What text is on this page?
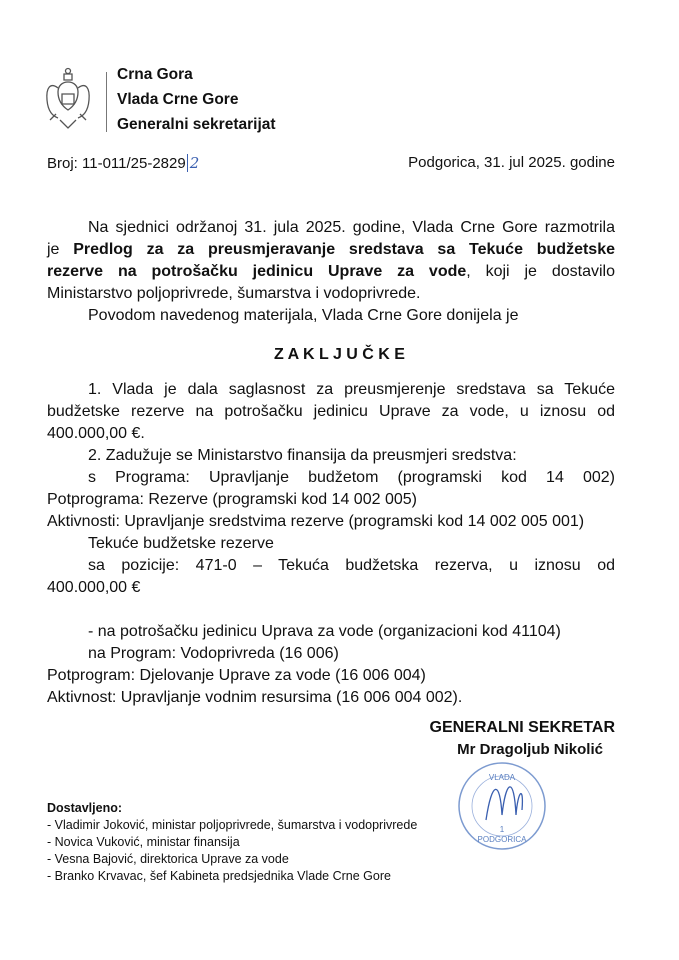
Crna Gora
Vlada Crne Gore
Generalni sekretarijat
Broj: 11-011/25-2829 2	Podgorica, 31. jul 2025. godine
Na sjednici održanoj 31. jula 2025. godine, Vlada Crne Gore razmotrila
je Predlog za za preusmjeravanje sredstava sa Tekuće budžetske
rezerve na potrošačku jedinicu Uprave za vode, koji je dostavilo
Ministarstvo poljoprivrede, šumarstva i vodoprivrede.
Povodom navedenog materijala, Vlada Crne Gore donijela je
Z A K L J U Č K E
1. Vlada je dala saglasnost za preusmjerenje sredstava sa Tekuće
budžetske rezerve na potrošačku jedinicu Uprave za vode, u iznosu od
400.000,00 €.
2. Zadužuje se Ministarstvo finansija da preusmjeri sredstva:
s Programa: Upravljanje budžetom (programski kod 14 002)
Potprograma: Rezerve (programski kod 14 002 005)
Aktivnosti: Upravljanje sredstvima rezerve (programski kod 14 002 005 001)
Tekuće budžetske rezerve
sa pozicije: 471-0 – Tekuća budžetska rezerva, u iznosu od
400.000,00 €
- na potrošačku jedinicu Uprava za vode (organizacioni kod 41104)
na Program: Vodoprivreda (16 006)
Potprogram: Djelovanje Uprave za vode (16 006 004)
Aktivnost: Upravljanje vodnim resursima (16 006 004 002).
GENERALNI SEKRETAR
Mr Dragoljub Nikolić
VLADA
PODGORICA
1
Dostavljeno:
- Vladimir Joković, ministar poljoprivrede, šumarstva i vodoprivrede
- Novica Vuković, ministar finansija
- Vesna Bajović, direktorica Uprave za vode
- Branko Krvavac, šef Kabineta predsjednika Vlade Crne Gore
